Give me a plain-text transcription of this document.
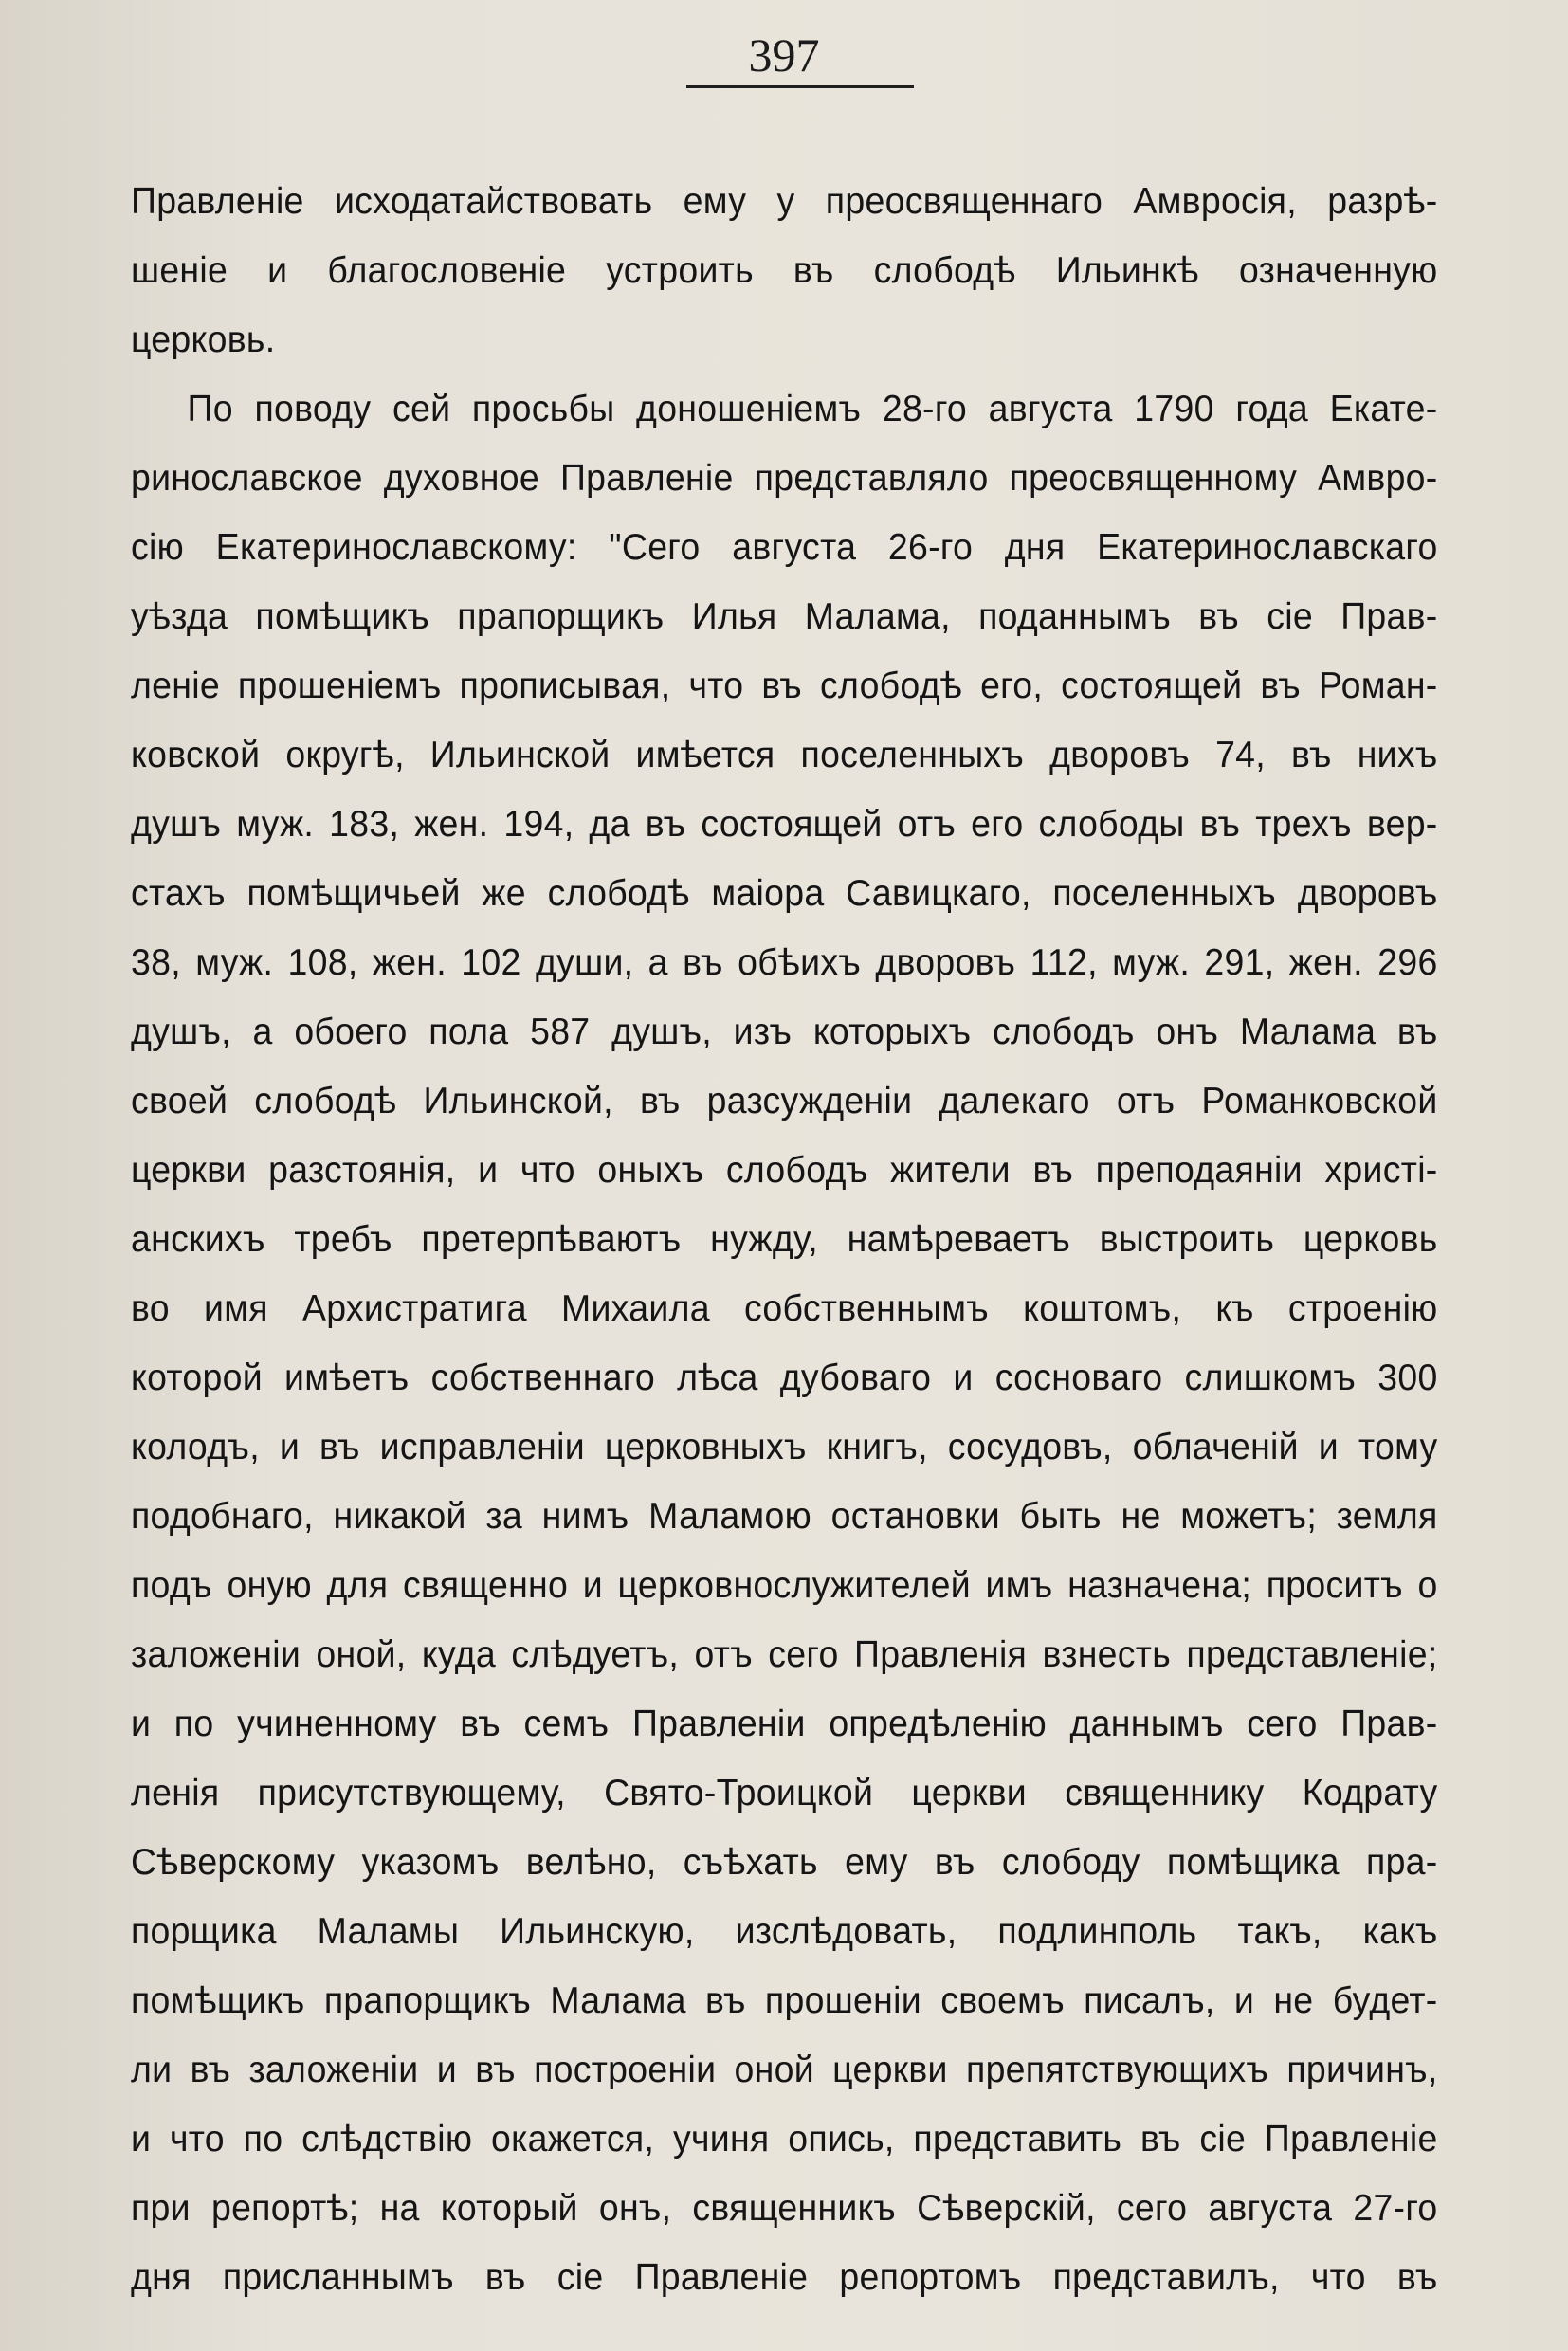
397
Правленіе исходатайствовать ему у преосвященнаго Амвросія, разрѣ-
шеніе и благословеніе устроить въ слободѣ Ильинкѣ означенную
церковь.
По поводу сей просьбы доношеніемъ 28-го августа 1790 года Екате-
ринославское духовное Правленіе представляло преосвященному Амвро-
сію Екатеринославскому: "Сего августа 26-го дня Екатеринославскаго
уѣзда помѣщикъ прапорщикъ Илья Малама, поданнымъ въ сіе Прав-
леніе прошеніемъ прописывая, что въ слободѣ его, состоящей въ Роман-
ковской округѣ, Ильинской имѣется поселенныхъ дворовъ 74, въ нихъ
душъ муж. 183, жен. 194, да въ состоящей отъ его слободы въ трехъ вер-
стахъ помѣщичьей же слободѣ маіора Савицкаго, поселенныхъ дворовъ
38, муж. 108, жен. 102 души, а въ обѣихъ дворовъ 112, муж. 291, жен. 296
душъ, а обоего пола 587 душъ, изъ которыхъ слободъ онъ Малама въ
своей слободѣ Ильинской, въ разсужденіи далекаго отъ Романковской
церкви разстоянія, и что оныхъ слободъ жители въ преподаяніи христі-
анскихъ требъ претерпѣваютъ нужду, намѣреваетъ выстроить церковь
во имя Архистратига Михаила собственнымъ коштомъ, къ строенію
которой имѣетъ собственнаго лѣса дубоваго и сосноваго слишкомъ 300
колодъ, и въ исправленіи церковныхъ книгъ, сосудовъ, облаченій и тому
подобнаго, никакой за нимъ Маламою остановки быть не можетъ; земля
подъ оную для священно и церковнослужителей имъ назначена; проситъ о
заложеніи оной, куда слѣдуетъ, отъ сего Правленія взнесть представленіе;
и по учиненному въ семъ Правленіи опредѣленію даннымъ сего Прав-
ленія присутствующему, Свято-Троицкой церкви священнику Кодрату
Сѣверскому указомъ велѣно, съѣхать ему въ слободу помѣщика пра-
порщика Маламы Ильинскую, изслѣдовать, подлинполь такъ, какъ
помѣщикъ прапорщикъ Малама въ прошеніи своемъ писалъ, и не будет-
ли въ заложеніи и въ построеніи оной церкви препятствующихъ причинъ,
и что по слѣдствію окажется, учиня опись, представить въ сіе Правленіе
при репортѣ; на который онъ, священникъ Сѣверскій, сего августа 27-го
дня присланнымъ въ сіе Правленіе репортомъ представилъ, что въ
